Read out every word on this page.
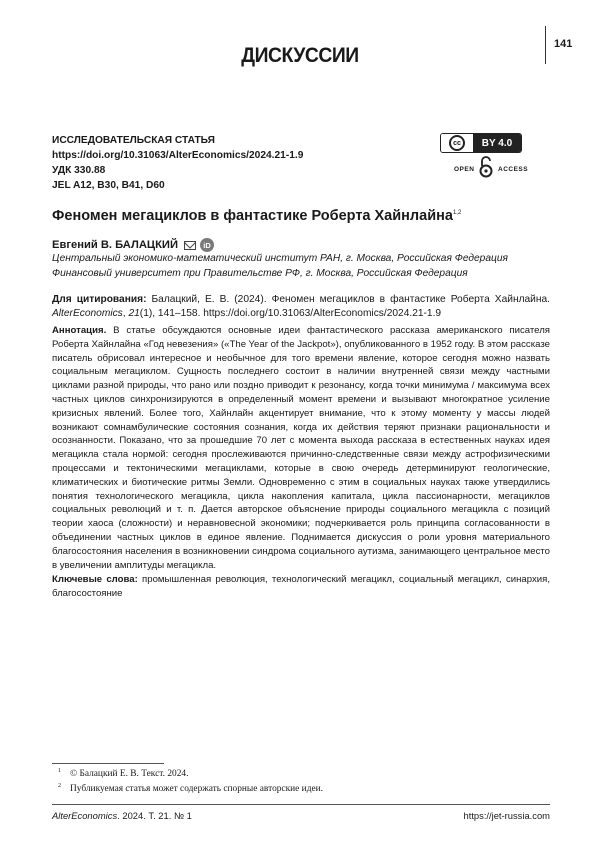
141
ДИСКУССИИ
ИССЛЕДОВАТЕЛЬСКАЯ СТАТЬЯ
https://doi.org/10.31063/AlterEconomics/2024.21-1.9
УДК 330.88
JEL A12, B30, B41, D60
cc	BY 4.0
OPEN	ACCESS
Феномен мегациклов в фантастике Роберта Хайнлайна$^{1,2}$
Евгений В. БАЛАЦКИЙ	iD
Центральный экономико-математический институт РАН, г. Москва, Российская Федерация
Финансовый университет при Правительстве РФ, г. Москва, Российская Федерация
Для цитирования: Балацкий, Е. В. (2024). Феномен мегациклов в фантастике Роберта Хайнлайна. AlterEconomics, 21(1), 141–158. https://doi.org/10.31063/AlterEconomics/2024.21-1.9
Аннотация. В статье обсуждаются основные идеи фантастического рассказа американского писателя Роберта Хайнлайна «Год невезения» («The Year of the Jackpot»), опубликованного в 1952 году. В этом рассказе писатель обрисовал интересное и необычное для того времени явление, которое сегодня можно назвать социальным мегациклом. Сущность последнего состоит в наличии внутренней связи между частными циклами разной природы, что рано или поздно приводит к резонансу, когда точки минимума / максимума всех частных циклов синхронизируются в определенный момент времени и вызывают многократное усиление кризисных явлений. Более того, Хайнлайн акцентирует внимание, что к этому моменту у массы людей возникают сомнамбулические состояния сознания, когда их действия теряют признаки рациональности и осознанности. Показано, что за прошедшие 70 лет с момента выхода рассказа в естественных науках идея мегацикла стала нормой: сегодня прослеживаются причинно-следственные связи между астрофизическими процессами и тектоническими мегациклами, которые в свою очередь детерминируют геологические, климатических и биотические ритмы Земли. Одновременно с этим в социальных науках также утвердились понятия технологического мегацикла, цикла накопления капитала, цикла пассионарности, мегациклов социальных революций и т. п. Дается авторское объяснение природы социального мегацикла с позиций теории хаоса (сложности) и неравновесной экономики; подчеркивается роль принципа согласованности в объединении частных циклов в единое явление. Поднимается дискуссия о роли уровня материального благосостояния населения в возникновении синдрома социального аутизма, занимающего центральное место в увеличении амплитуды мегацикла.
Ключевые слова: промышленная революция, технологический мегацикл, социальный мегацикл, синархия, благосостояние
1 © Балацкий Е. В. Текст. 2024.
2 Публикуемая статья может содержать спорные авторские идеи.
AlterEconomics. 2024. Т. 21. № 1	https://jet-russia.com
